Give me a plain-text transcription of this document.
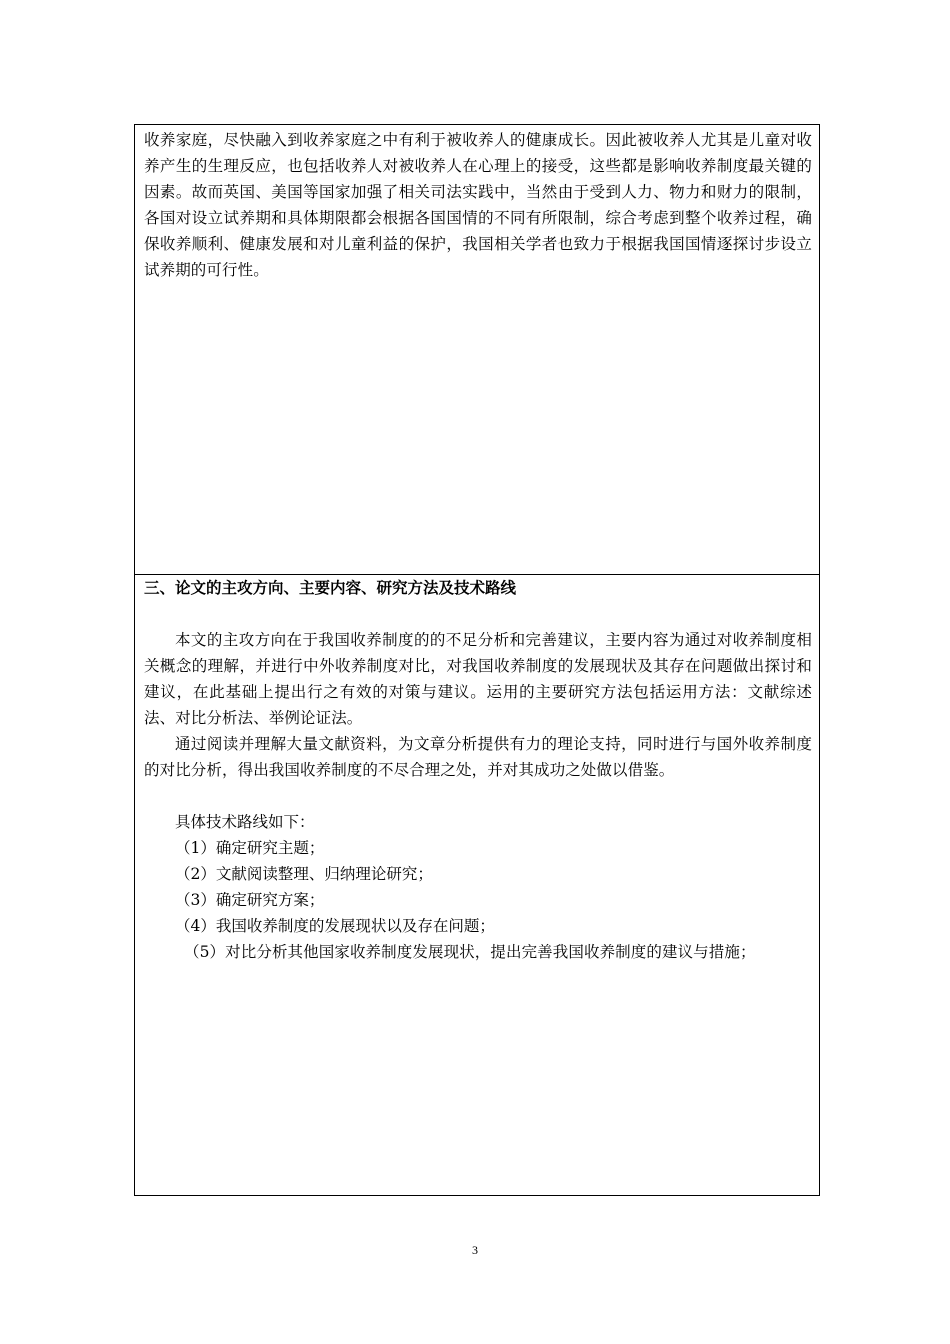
收养家庭，尽快融入到收养家庭之中有利于被收养人的健康成长。因此被收养人尤其是儿童对收养产生的生理反应，也包括收养人对被收养人在心理上的接受，这些都是影响收养制度最关键的因素。故而英国、美国等国家加强了相关司法实践中，当然由于受到人力、物力和财力的限制，各国对设立试养期和具体期限都会根据各国国情的不同有所限制，综合考虑到整个收养过程，确保收养顺利、健康发展和对儿童利益的保护，我国相关学者也致力于根据我国国情逐探讨步设立试养期的可行性。

三、论文的主攻方向、主要内容、研究方法及技术路线

本文的主攻方向在于我国收养制度的的不足分析和完善建议，主要内容为通过对收养制度相关概念的理解，并进行中外收养制度对比，对我国收养制度的发展现状及其存在问题做出探讨和建议，在此基础上提出行之有效的对策与建议。运用的主要研究方法包括运用方法：文献综述法、对比分析法、举例论证法。

通过阅读并理解大量文献资料，为文章分析提供有力的理论支持，同时进行与国外收养制度的对比分析，得出我国收养制度的不尽合理之处，并对其成功之处做以借鉴。

具体技术路线如下：

（1）确定研究主题；

（2）文献阅读整理、归纳理论研究；

（3）确定研究方案；

（4）我国收养制度的发展现状以及存在问题；

（5）对比分析其他国家收养制度发展现状，提出完善我国收养制度的建议与措施；

3
